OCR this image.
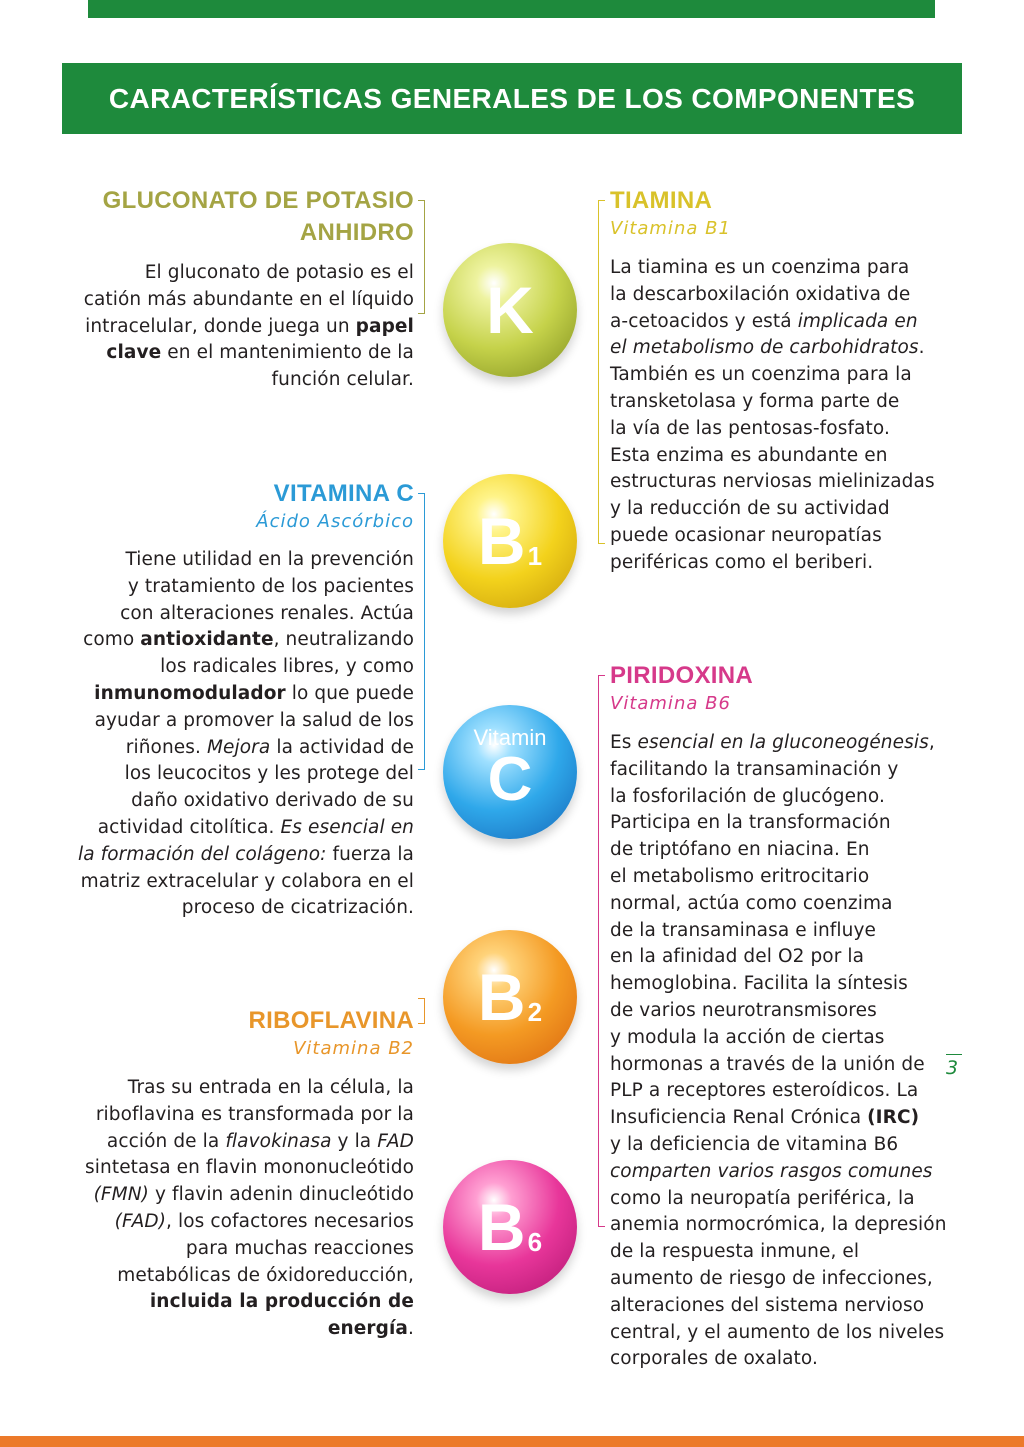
CARACTERÍSTICAS GENERALES DE LOS COMPONENTES
GLUCONATO DE POTASIO
ANHIDRO
El gluconato de potasio es el
catión más abundante en el líquido
intracelular, donde juega un papel
clave en el mantenimiento de la
función celular.
VITAMINA C
Ácido Ascórbico
Tiene utilidad en la prevención
y tratamiento de los pacientes
con alteraciones renales. Actúa
como antioxidante, neutralizando
los radicales libres, y como
inmunomodulador lo que puede
ayudar a promover la salud de los
riñones. Mejora la actividad de
los leucocitos y les protege del
daño oxidativo derivado de su
actividad citolítica. Es esencial en
la formación del colágeno: fuerza la
matriz extracelular y colabora en el
proceso de cicatrización.
RIBOFLAVINA
Vitamina B2
Tras su entrada en la célula, la
riboflavina es transformada por la
acción de la flavokinasa y la FAD
sintetasa en flavin mononucleótido
(FMN) y flavin adenin dinucleótido
(FAD), los cofactores necesarios
para muchas reacciones
metabólicas de óxidoreducción,
incluida la producción de
energía.
TIAMINA
Vitamina B1
La tiamina es un coenzima para
la descarboxilación oxidativa de
a-cetoacidos y está implicada en
el metabolismo de carbohidratos.
También es un coenzima para la
transketolasa y forma parte de
la vía de las pentosas-fosfato.
Esta enzima es abundante en
estructuras nerviosas mielinizadas
y la reducción de su actividad
puede ocasionar neuropatías
periféricas como el beriberi.
PIRIDOXINA
Vitamina B6
Es esencial en la gluconeogénesis,
facilitando la transaminación y
la fosforilación de glucógeno.
Participa en la transformación
de triptófano en niacina. En
el metabolismo eritrocitario
normal, actúa como coenzima
de la transaminasa e influye
en la afinidad del O2 por la
hemoglobina. Facilita la síntesis
de varios neurotransmisores
y modula la acción de ciertas
hormonas a través de la unión de
PLP a receptores esteroídicos. La
Insuficiencia Renal Crónica (IRC)
y la deficiencia de vitamina B6
comparten varios rasgos comunes
como la neuropatía periférica, la
anemia normocrómica, la depresión
de la respuesta inmune, el
aumento de riesgo de infecciones,
alteraciones del sistema nervioso
central, y el aumento de los niveles
corporales de oxalato.
K
B 1
Vitamin
C
B 2
B 6
3
